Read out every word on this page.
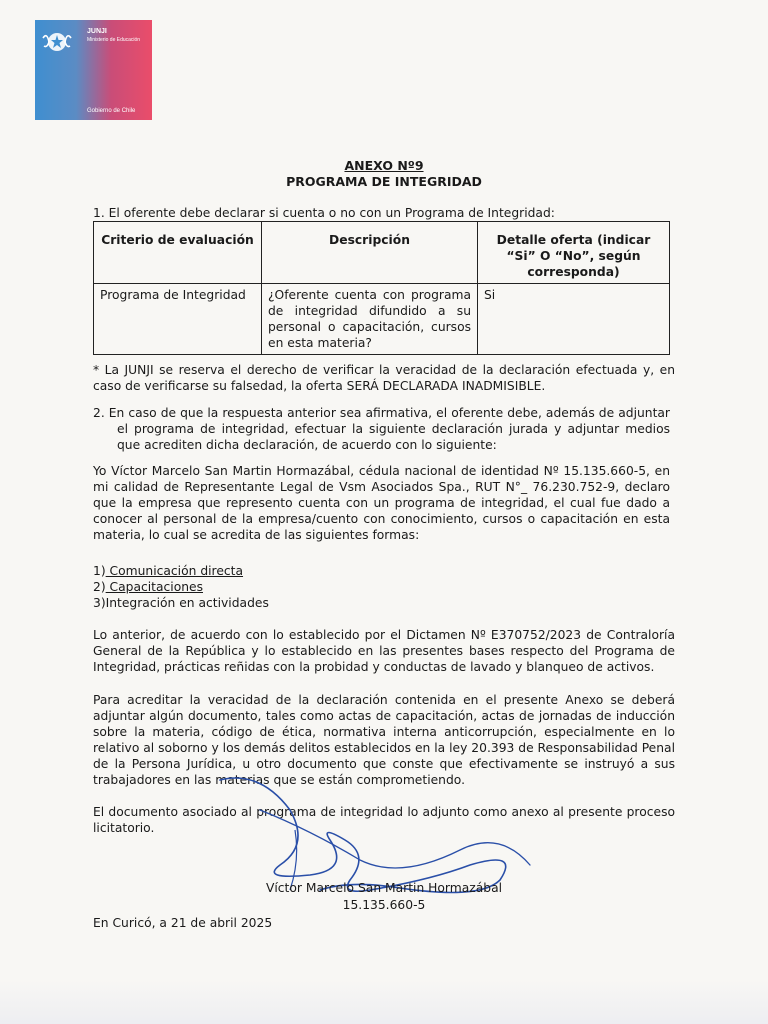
JUNJI
Ministerio de Educación
Gobierno de Chile
ANEXO Nº9
PROGRAMA DE INTEGRIDAD
1. El oferente debe declarar si cuenta o no con un Programa de Integridad:
Criterio de evaluación	Descripción	Detalle oferta (indicar “Si” O “No”, según corresponda)
Programa de Integridad	¿Oferente cuenta con programa de integridad difundido a su personal o capacitación, cursos en esta materia?	Si
* La JUNJI se reserva el derecho de verificar la veracidad de la declaración efectuada y, en caso de verificarse su falsedad, la oferta SERÁ DECLARADA INADMISIBLE.
2. En caso de que la respuesta anterior sea afirmativa, el oferente debe, además de adjuntar el programa de integridad, efectuar la siguiente declaración jurada y adjuntar medios que acrediten dicha declaración, de acuerdo con lo siguiente:
Yo Víctor Marcelo San Martin Hormazábal, cédula nacional de identidad Nº 15.135.660-5, en mi calidad de Representante Legal de Vsm Asociados Spa., RUT N°_ 76.230.752-9, declaro que la empresa que represento cuenta con un programa de integridad, el cual fue dado a conocer al personal de la empresa/cuento con conocimiento, cursos o capacitación en esta materia, lo cual se acredita de las siguientes formas:
1) Comunicación directa
2) Capacitaciones
3)Integración en actividades
Lo anterior, de acuerdo con lo establecido por el Dictamen Nº E370752/2023 de Contraloría General de la República y lo establecido en las presentes bases respecto del Programa de Integridad, prácticas reñidas con la probidad y conductas de lavado y blanqueo de activos.
Para acreditar la veracidad de la declaración contenida en el presente Anexo se deberá adjuntar algún documento, tales como actas de capacitación, actas de jornadas de inducción sobre la materia, código de ética, normativa interna anticorrupción, especialmente en lo relativo al soborno y los demás delitos establecidos en la ley 20.393 de Responsabilidad Penal de la Persona Jurídica, u otro documento que conste que efectivamente se instruyó a sus trabajadores en las materias que se están comprometiendo.
El documento asociado al programa de integridad lo adjunto como anexo al presente proceso licitatorio.
Víctor Marcelo San Martin Hormazábal
15.135.660-5
En Curicó, a 21 de abril 2025
